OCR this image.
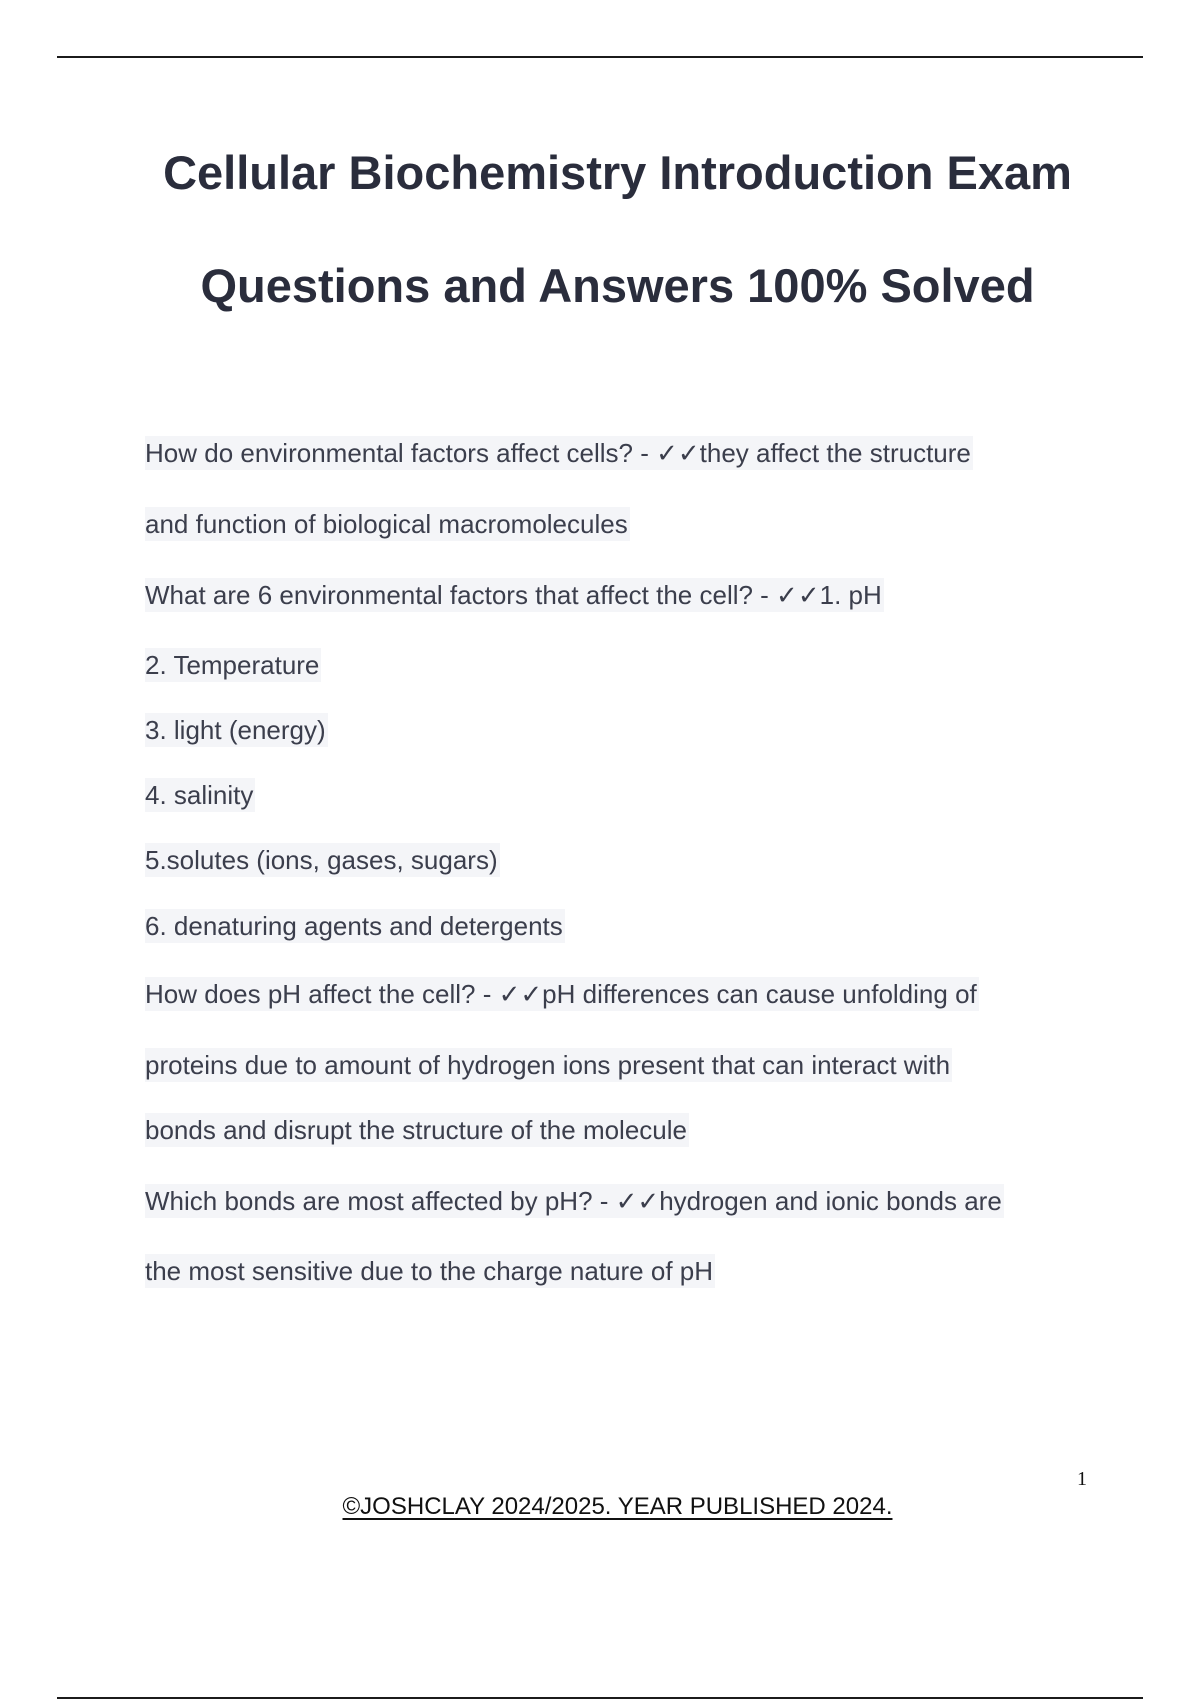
Cellular Biochemistry Introduction Exam
Questions and Answers 100% Solved
How do environmental factors affect cells? - ✓✓they affect the structure
and function of biological macromolecules
What are 6 environmental factors that affect the cell? - ✓✓1. pH
2. Temperature
3. light (energy)
4. salinity
5.solutes (ions, gases, sugars)
6. denaturing agents and detergents
How does pH affect the cell? - ✓✓pH differences can cause unfolding of
proteins due to amount of hydrogen ions present that can interact with
bonds and disrupt the structure of the molecule
Which bonds are most affected by pH? - ✓✓hydrogen and ionic bonds are
the most sensitive due to the charge nature of pH
1
©JOSHCLAY 2024/2025. YEAR PUBLISHED 2024.
